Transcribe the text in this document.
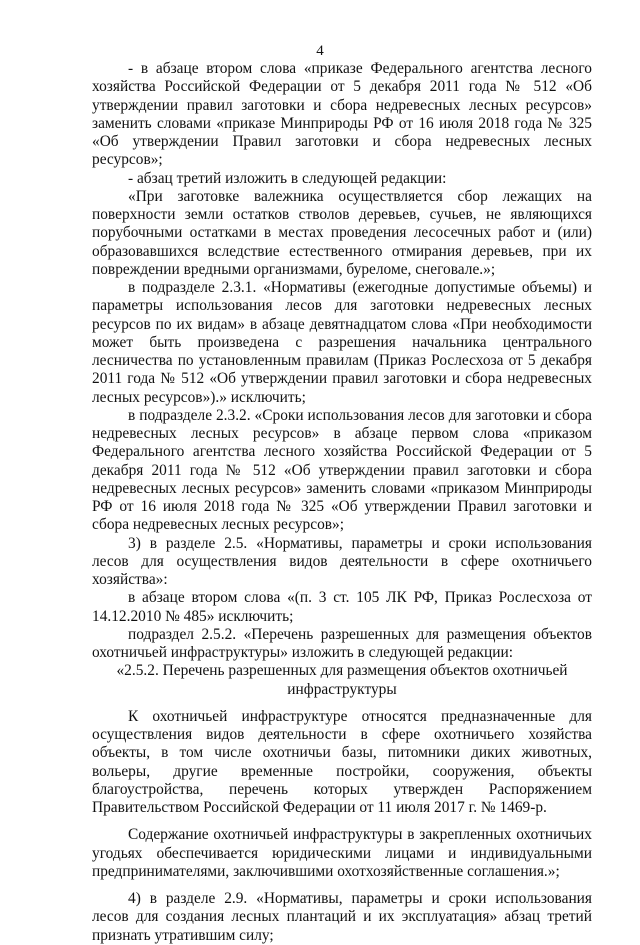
4

- в абзаце втором слова «приказе Федерального агентства лесного хозяйства Российской Федерации от 5 декабря 2011 года № 512 «Об утверждении правил заготовки и сбора недревесных лесных ресурсов» заменить словами «приказе Минприроды РФ от 16 июля 2018 года № 325 «Об утверждении Правил заготовки и сбора недревесных лесных ресурсов»;

- абзац третий изложить в следующей редакции:

«При заготовке валежника осуществляется сбор лежащих на поверхности земли остатков стволов деревьев, сучьев, не являющихся порубочными остатками в местах проведения лесосечных работ и (или) образовавшихся вследствие естественного отмирания деревьев, при их повреждении вредными организмами, буреломе, снеговале.»;

в подразделе 2.3.1. «Нормативы (ежегодные допустимые объемы) и параметры использования лесов для заготовки недревесных лесных ресурсов по их видам» в абзаце девятнадцатом слова «При необходимости может быть произведена с разрешения начальника центрального лесничества по установленным правилам (Приказ Рослесхоза от 5 декабря 2011 года № 512 «Об утверждении правил заготовки и сбора недревесных лесных ресурсов»).» исключить;

в подразделе 2.3.2. «Сроки использования лесов для заготовки и сбора недревесных лесных ресурсов» в абзаце первом слова «приказом Федерального агентства лесного хозяйства Российской Федерации от 5 декабря 2011 года № 512 «Об утверждении правил заготовки и сбора недревесных лесных ресурсов» заменить словами «приказом Минприроды РФ от 16 июля 2018 года № 325 «Об утверждении Правил заготовки и сбора недревесных лесных ресурсов»;

3) в разделе 2.5. «Нормативы, параметры и сроки использования лесов для осуществления видов деятельности в сфере охотничьего хозяйства»:

в абзаце втором слова «(п. 3 ст. 105 ЛК РФ, Приказ Рослесхоза от 14.12.2010 № 485» исключить;

подраздел 2.5.2. «Перечень разрешенных для размещения объектов охотничьей инфраструктуры» изложить в следующей редакции:

«2.5.2. Перечень разрешенных для размещения объектов охотничьей инфраструктуры

К охотничьей инфраструктуре относятся предназначенные для осуществления видов деятельности в сфере охотничьего хозяйства объекты, в том числе охотничьи базы, питомники диких животных, вольеры, другие временные постройки, сооружения, объекты благоустройства, перечень которых утвержден Распоряжением Правительством Российской Федерации от 11 июля 2017 г. № 1469-р.

Содержание охотничьей инфраструктуры в закрепленных охотничьих угодьях обеспечивается юридическими лицами и индивидуальными предпринимателями, заключившими охотхозяйственные соглашения.»;

4) в разделе 2.9. «Нормативы, параметры и сроки использования лесов для создания лесных плантаций и их эксплуатация» абзац третий признать утратившим силу;
